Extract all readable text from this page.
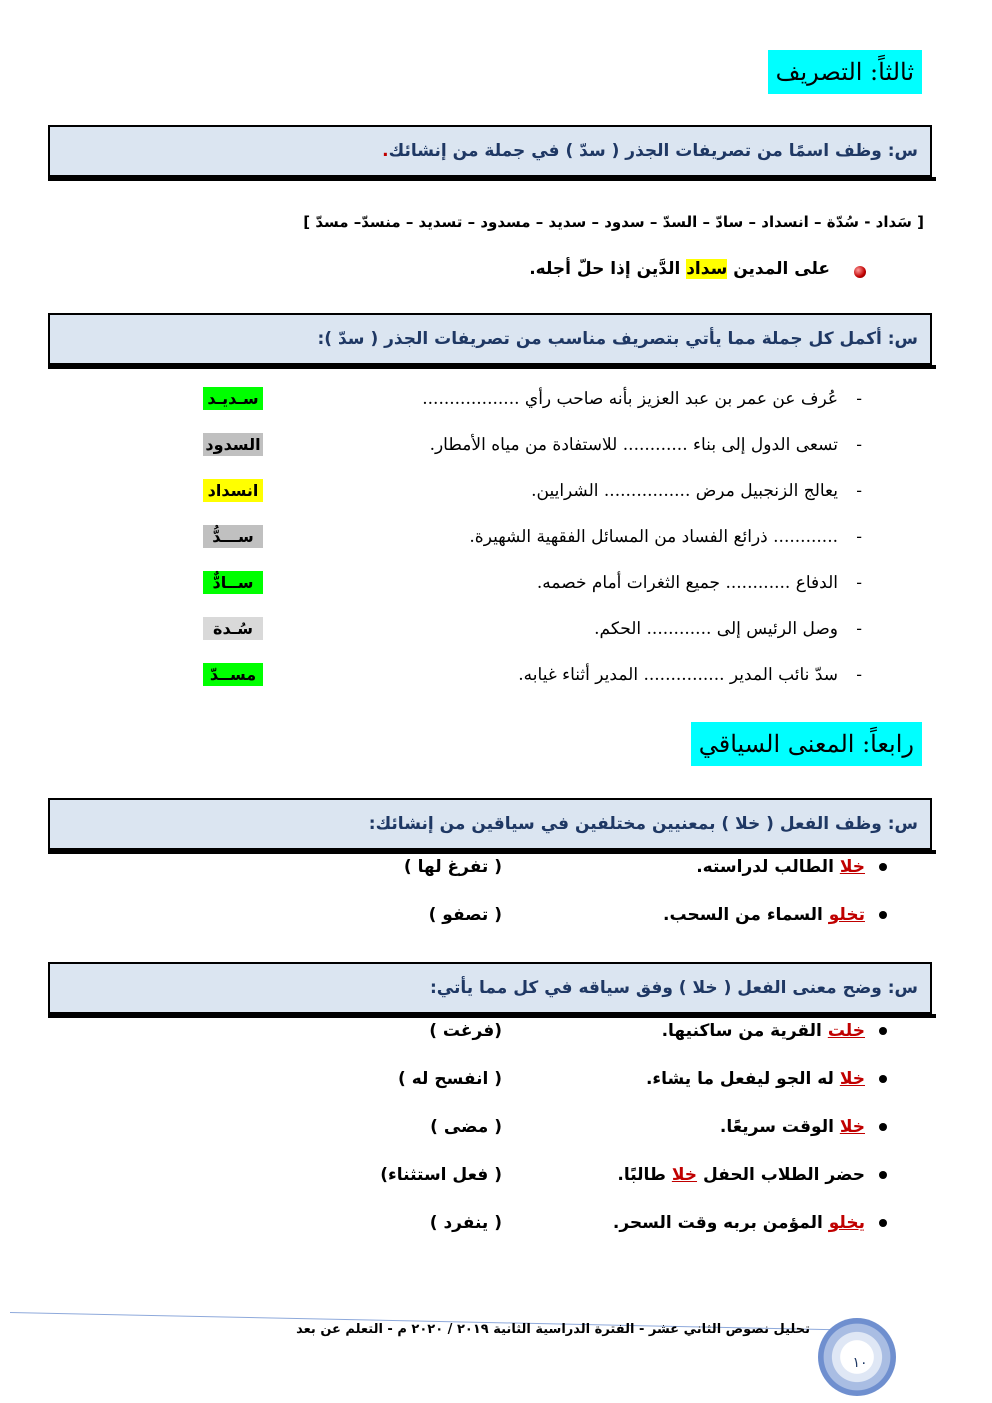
ثالثاً: التصريف
س: وظف اسمًا من تصريفات الجذر ( سدّ ) في جملة من إنشائك
.
[ سَداد - سُدّة – انسداد – سادّ – السدّ – سدود – سديد – مسدود – تسديد – منسدّ– مسدّ ]
على المدين سداد الدَّين إذا حلّ أجله.
س: أكمل كل جملة مما يأتي بتصريف مناسب من تصريفات الجذر ( سدّ ):
-عُرف عن عمر بن عبد العزيز بأنه صاحب رأي ..................
سـديـد
-تسعى الدول إلى بناء ............ للاستفادة من مياه الأمطار.
السدود
-يعالج الزنجبيل مرض ................ الشرايين.
انسداد
-............ ذرائع الفساد من المسائل الفقهية الشهيرة.
ســـدُّ
-الدفاع ............ جميع الثغرات أمام خصمه.
ســادٌّ
-وصل الرئيس إلى ............ الحكم.
سُـدة
-سدّ نائب المدير ............... المدير أثناء غيابه.
مســدّ
رابعاً: المعنى السياقي
س: وظف الفعل ( خلا ) بمعنيين مختلفين في سياقين من إنشائك:
خلا الطالب لدراسته.
( تفرغ لها )
تخلو السماء من السحب.
( تصفو )
س: وضح معنى الفعل ( خلا ) وفق سياقه في كل مما يأتي:
خلت القرية من ساكنيها.
(فرغت )
خلا له الجو ليفعل ما يشاء.
( انفسح له )
خلا الوقت سريعًا.
( مضى )
حضر الطلاب الحفل خلا طالبًا.
( فعل استثناء)
يخلو المؤمن بربه وقت السحر.
( ينفرد )
تحليل نصوص الثاني عشر - الفترة الدراسية الثانية ٢٠١٩ / ٢٠٢٠ م - التعلم عن بعد
١٠
